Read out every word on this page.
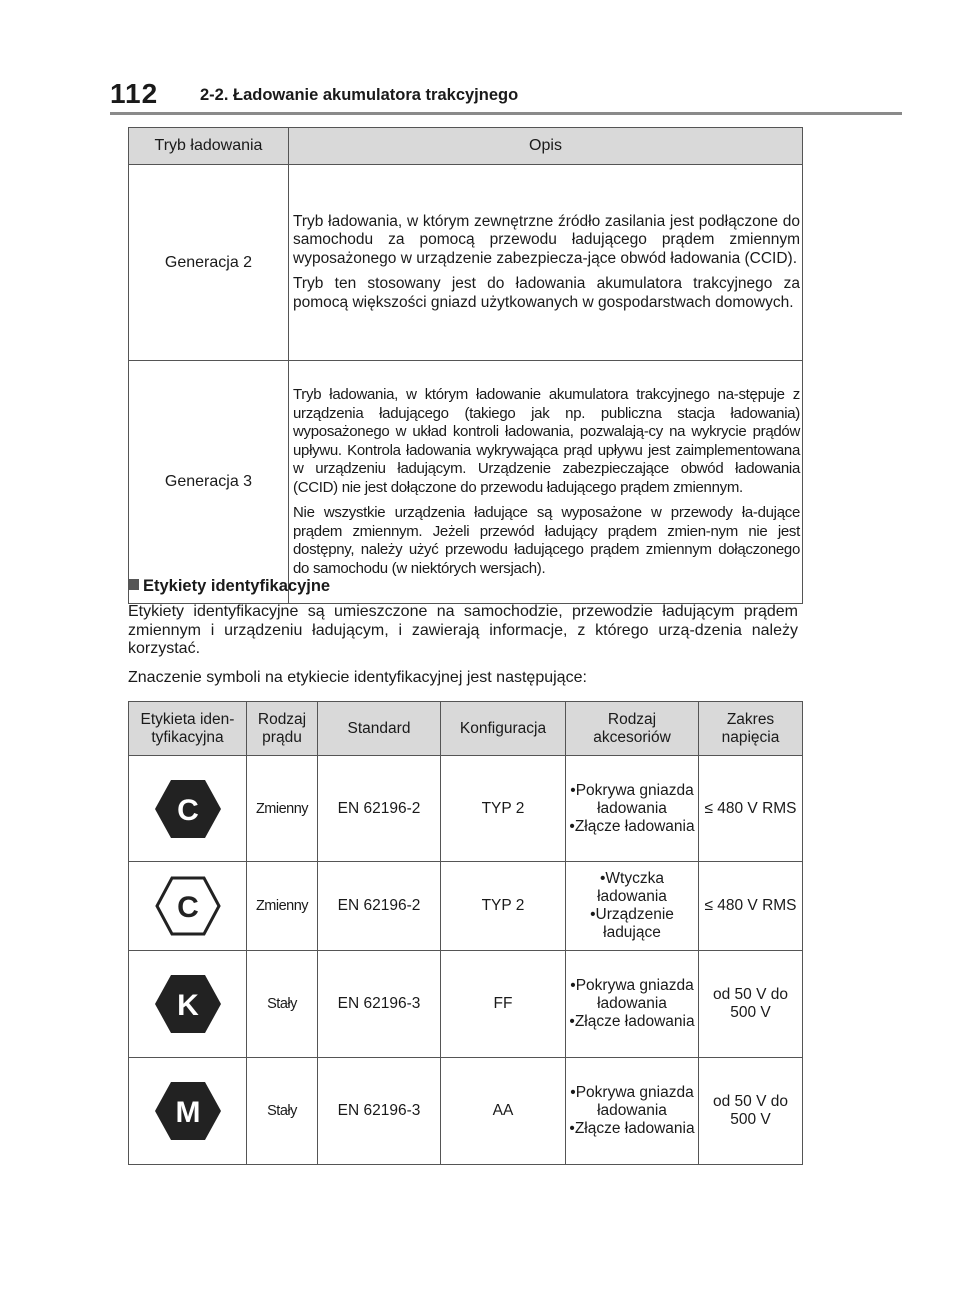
112	2-2. Ładowanie akumulatora trakcyjnego
Tryb ładowania	Opis
Generacja 2	Tryb ładowania, w którym zewnętrzne źródło zasilania jest podłączone do samochodu za pomocą przewodu ładującego prądem zmiennym wyposażonego w urządzenie zabezpiecza-jące obwód ładowania (CCID).

Tryb ten stosowany jest do ładowania akumulatora trakcyjnego za pomocą większości gniazd użytkowanych w gospodarstwach domowych.

Generacja 3	Tryb ładowania, w którym ładowanie akumulatora trakcyjnego na-stępuje z urządzenia ładującego (takiego jak np. publiczna stacja ładowania) wyposażonego w układ kontroli ładowania, pozwalają-cy na wykrycie prądów upływu. Kontrola ładowania wykrywająca prąd upływu jest zaimplementowana w urządzeniu ładującym. Urządzenie zabezpieczające obwód ładowania (CCID) nie jest dołączone do przewodu ładującego prądem zmiennym.

Nie wszystkie urządzenia ładujące są wyposażone w przewody ła-dujące prądem zmiennym. Jeżeli przewód ładujący prądem zmien-nym nie jest dostępny, należy użyć przewodu ładującego prądem zmiennym dołączonego do samochodu (w niektórych wersjach).

Etykiety identyfikacyjne

Etykiety identyfikacyjne są umieszczone na samochodzie, przewodzie ładującym prądem zmiennym i urządzeniu ładującym, i zawierają informacje, z którego urzą-dzenia należy korzystać.

Znaczenie symboli na etykiecie identyfikacyjnej jest następujące:

Etykieta iden-tyfikacyjna	Rodzaj prądu	Standard	Konfiguracja	Rodzaj akcesoriów	Zakres napięcia

C	Zmienny	EN 62196-2	TYP 2	•Pokrywa gniazda ładowania
•Złącze ładowania	≤ 480 V RMS

C	Zmienny	EN 62196-2	TYP 2	•Wtyczka ładowania
•Urządzenie ładujące	≤ 480 V RMS

K	Stały	EN 62196-3	FF	•Pokrywa gniazda ładowania
•Złącze ładowania	od 50 V do 500 V

M	Stały	EN 62196-3	AA	•Pokrywa gniazda ładowania
•Złącze ładowania	od 50 V do 500 V
